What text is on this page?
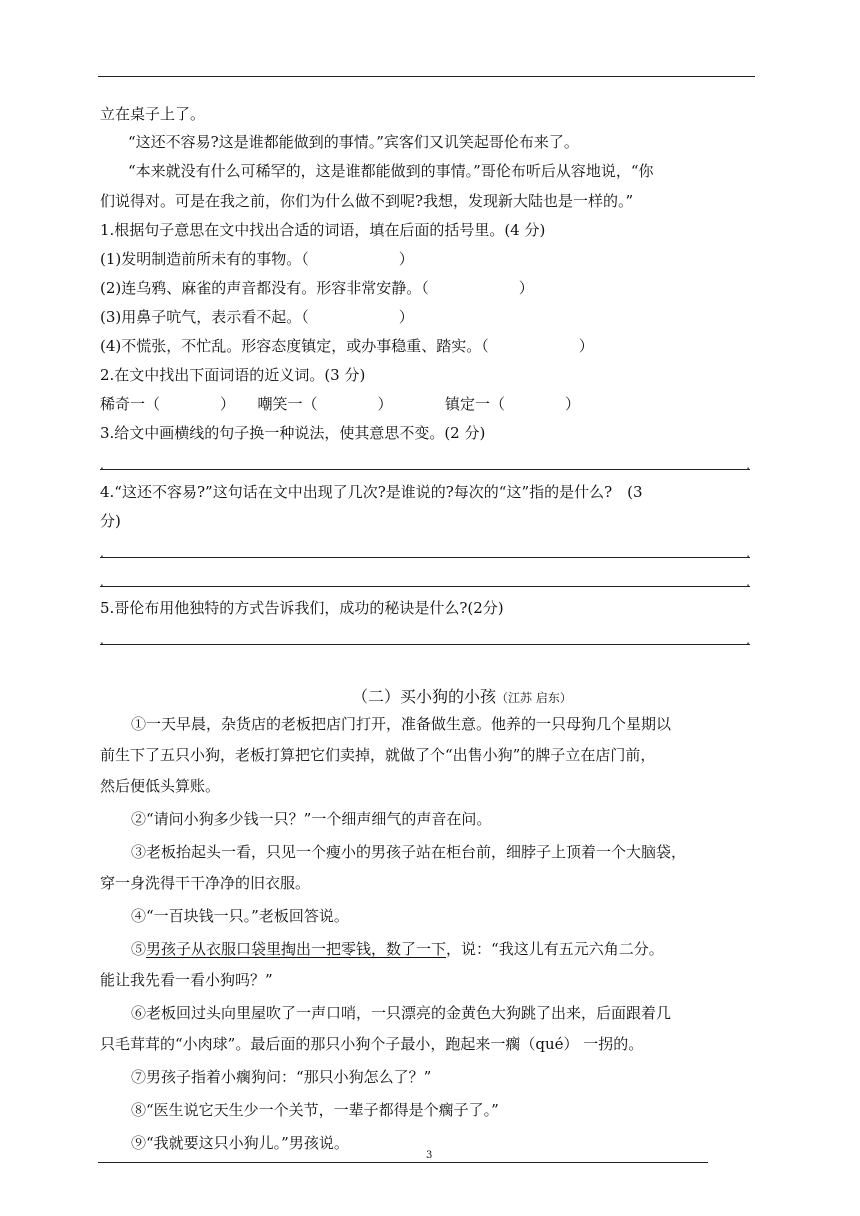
立在桌子上了。
“这还不容易?这是谁都能做到的事情。”宾客们又讥笑起哥伦布来了。
“本来就没有什么可稀罕的，这是谁都能做到的事情。”哥伦布听后从容地说，“你
们说得对。可是在我之前，你们为什么做不到呢?我想，发现新大陆也是一样的。”
1.根据句子意思在文中找出合适的词语，填在后面的括号里。(4 分)
(1)发明制造前所未有的事物。（　　　　　　）
(2)连乌鸦、麻雀的声音都没有。形容非常安静。（　　　　　　）
(3)用鼻子吭气，表示看不起。（　　　　　　）
(4)不慌张，不忙乱。形容态度镇定，或办事稳重、踏实。（　　　　　　）
2.在文中找出下面词语的近义词。(3 分)
稀奇一（　　　　）　　嘲笑一（　　　　）　　　　镇定一（　　　　）
3.给文中画横线的句子换一种说法，使其意思不变。(2 分)
.	.
4.“这还不容易?”这句话在文中出现了几次?是谁说的?每次的“这”指的是什么?　(3
分)
.	.
.	.
5.哥伦布用他独特的方式告诉我们，成功的秘诀是什么?(2分)
.	.
（二）买小狗的小孩（江苏 启东）
①一天早晨，杂货店的老板把店门打开，准备做生意。他养的一只母狗几个星期以
前生下了五只小狗，老板打算把它们卖掉，就做了个“出售小狗”的牌子立在店门前，
然后便低头算账。
②“请问小狗多少钱一只？”一个细声细气的声音在问。
③老板抬起头一看，只见一个瘦小的男孩子站在柜台前，细脖子上顶着一个大脑袋，
穿一身洗得干干净净的旧衣服。
④“一百块钱一只。”老板回答说。
⑤男孩子从衣服口袋里掏出一把零钱，数了一下，说：“我这儿有五元六角二分。
能让我先看一看小狗吗？”
⑥老板回过头向里屋吹了一声口哨，一只漂亮的金黄色大狗跳了出来，后面跟着几
只毛茸茸的“小肉球”。最后面的那只小狗个子最小，跑起来一瘸（qué） 一拐的。
⑦男孩子指着小瘸狗问：“那只小狗怎么了？”
⑧“医生说它天生少一个关节，一辈子都得是个瘸子了。”
⑨“我就要这只小狗儿。”男孩说。
3
